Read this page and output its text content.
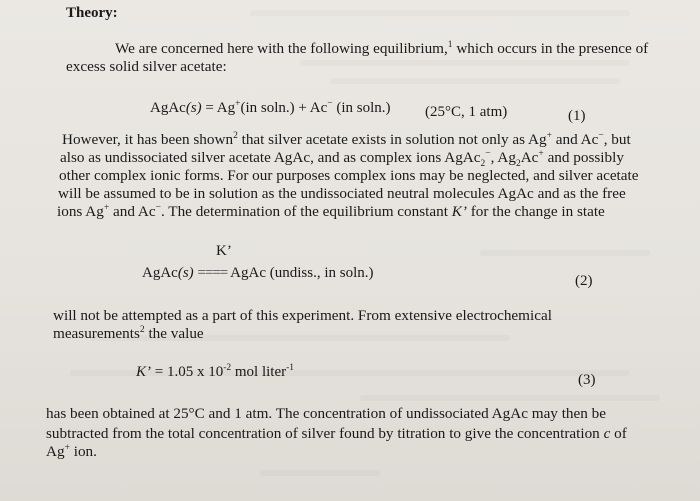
Theory:
We are concerned here with the following equilibrium,$^1$ which occurs in the presence of
excess solid silver acetate:
AgAc(s) = Ag+(in soln.) + Ac− (in soln.) (25°C, 1 atm)	(1)
However, it has been shown$^2$ that silver acetate exists in solution not only as Ag+ and Ac−, but
also as undissociated silver acetate AgAc, and as complex ions AgAc$_2$−, $Ag_2Ac^+$ and possibly
other complex ionic forms. For our purposes complex ions may be neglected, and silver acetate
will be assumed to be in solution as the undissociated neutral molecules AgAc and as the free
ions Ag+ and Ac−. The determination of the equilibrium constant K’ for the change in state
K’
AgAc(s) ==== AgAc (undiss., in soln.)	(2)
will not be attempted as a part of this experiment. From extensive electrochemical
measurements$^2$ the value
K’ = 1.05 x $10^{-2}$ mol liter$^{-1}$
(3)
has been obtained at 25°C and 1 atm. The concentration of undissociated AgAc may then be
subtracted from the total concentration of silver found by titration to give the concentration c of
Ag+ ion.
